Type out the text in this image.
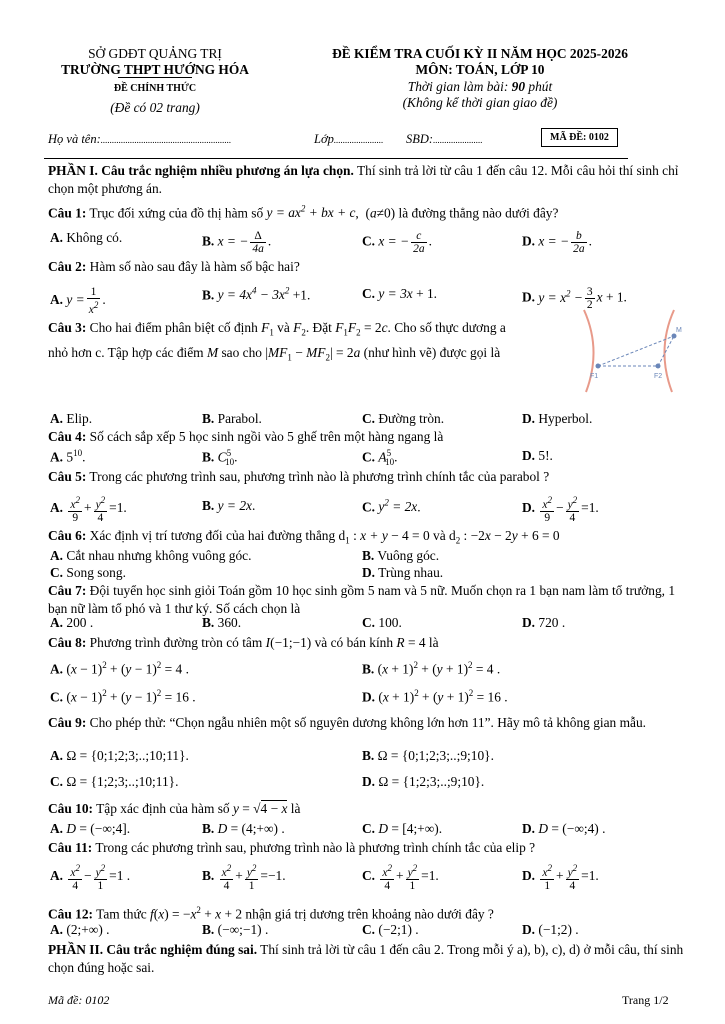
SỞ GDĐT QUẢNG TRỊ
TRƯỜNG THPT HƯỚNG HÓA
ĐỀ CHÍNH THỨC
(Đề có 02 trang)
ĐỀ KIỂM TRA CUỐI KỲ II NĂM HỌC 2025-2026
MÔN: TOÁN, LỚP 10
Thời gian làm bài: 90 phút
(Không kể thời gian giao đề)
Họ và tên:..........................................................	Lớp...................... SBD:......................	MÃ ĐỀ: 0102
PHẦN I. Câu trắc nghiệm nhiều phương án lựa chọn. Thí sinh trả lời từ câu 1 đến câu 12. Mỗi câu hỏi thí sinh chỉ chọn một phương án.
Câu 1: Trục đối xứng của đồ thị hàm số $y = ax^2$ + bx + c,  (a≠0) là đường thẳng nào dưới đây?
A. Không có.	B. x = − $\frac{\Delta}{4a}$ .	C. x = − $\frac{c}{2a}$ .	D. x = − $\frac{b}{2a}$ .
Câu 2: Hàm số nào sau đây là hàm số bậc hai?
A. $y = \frac{1}{x^2}$ .	B. $y = 4x^4 - 3x^2 +1$.	C. y = 3x + 1.	D. $y = x^2 - \frac{3}{2}$ x + 1.
Câu 3: Cho hai điểm phân biệt cố định $F_1$ và $F_2$. Đặt $F_1F_2 = 2c$. Cho số thực dương a
nhỏ hơn c. Tập hợp các điểm M sao cho $|MF_1 - MF_2| = 2a$ (như hình vẽ) được gọi là
F1	F2
M
A. Elip.	B. Parabol.	C. Đường tròn.	D. Hyperbol.
Câu 4: Số cách sắp xếp 5 học sinh ngồi vào 5 ghế trên một hàng ngang là
A. $5^{10}$.	B. $C^5_{10}$.	C. $A^5_{10}$.	D. 5!.
Câu 5: Trong các phương trình sau, phương trình nào là phương trình chính tắc của parabol ?
A. $\frac{x^2}{9} + \frac{y^2}{4} =1$.	B. y = 2x.	C. $y^2 = 2x$.	D. $\frac{x^2}{9} - \frac{y^2}{4} =1$.
Câu 6: Xác định vị trí tương đối của hai đường thẳng $d_1$ : x + y − 4 = 0 và $d_2$ : −2x − 2y + 6 = 0
A. Cắt nhau nhưng không vuông góc.	B. Vuông góc.
C. Song song.	D. Trùng nhau.
Câu 7: Đội tuyển học sinh giỏi Toán gồm 10 học sinh gồm 5 nam và 5 nữ. Muốn chọn ra 1 bạn nam làm tổ trưởng, 1 bạn nữ làm tổ phó và 1 thư ký. Số cách chọn là
A. 200 .	B. 360.	C. 100.	D. 720 .
Câu 8: Phương trình đường tròn có tâm I(−1;−1) và có bán kính R = 4 là
A. $(x - 1)^2 + (y - 1)^2 = 4$ .	B. $(x + 1)^2 + (y + 1)^2 = 4$ .
C. $(x - 1)^2 + (y - 1)^2 = 16$ .	D. $(x + 1)^2 + (y + 1)^2 = 16$ .
Câu 9: Cho phép thử: “Chọn ngẫu nhiên một số nguyên dương không lớn hơn 11”. Hãy mô tả không gian mẫu.
A. Ω = {0;1;2;3;..;10;11}.	B. Ω = {0;1;2;3;..;9;10}.
C. Ω = {1;2;3;..;10;11}.	D. Ω = {1;2;3;..;9;10}.
Câu 10: Tập xác định của hàm số y = √4 − x là
A. D = (−∞;4].	B. D = (4;+∞) .	C. D = [4;+∞).	D. D = (−∞;4) .
Câu 11: Trong các phương trình sau, phương trình nào là phương trình chính tắc của elip ?
A. $\frac{x^2}{4} - \frac{y^2}{1} =1$ .	B. $\frac{x^2}{4} + \frac{y^2}{1} =-1$.	C. $\frac{x^2}{4} + \frac{y^2}{1} =1$.	D. $\frac{x^2}{1} + \frac{y^2}{4} =1$.
Câu 12: Tam thức $f(x) = -x^2 + x + 2$ nhận giá trị dương trên khoảng nào dưới đây ?
A. (2;+∞) .	B. (−∞;−1) .	C. (−2;1) .	D. (−1;2) .
PHẦN II. Câu trắc nghiệm đúng sai. Thí sinh trả lời từ câu 1 đến câu 2. Trong mỗi ý a), b), c), d) ở mỗi câu, thí sinh chọn đúng hoặc sai.
Mã đề: 0102	Trang 1/2
